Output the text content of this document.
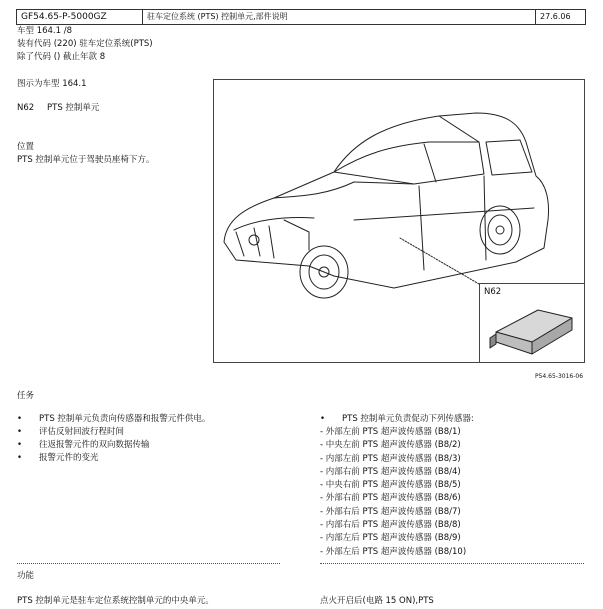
GF54.65-P-5000GZ	驻车定位系统 (PTS) 控制单元,部件说明	27.6.06
车型 164.1 /8
装有代码 (220) 驻车定位系统(PTS)
除了代码 () 截止年款 8
图示为车型 164.1
N62 PTS 控制单元
位置
PTS 控制单元位于驾驶员座椅下方。
N62
P54.65-3016-06
任务
• PTS 控制单元负责向传感器和报警元件供电。
• 评估反射回波行程时间
• 往返报警元件的双向数据传输
• 报警元件的变光
• PTS 控制单元负责促动下列传感器:
- 外部左前 PTS 超声波传感器 (B8/1)
- 中央左前 PTS 超声波传感器 (B8/2)
- 内部左前 PTS 超声波传感器 (B8/3)
- 内部右前 PTS 超声波传感器 (B8/4)
- 中央右前 PTS 超声波传感器 (B8/5)
- 外部右前 PTS 超声波传感器 (B8/6)
- 外部右后 PTS 超声波传感器 (B8/7)
- 内部右后 PTS 超声波传感器 (B8/8)
- 内部左后 PTS 超声波传感器 (B8/9)
- 外部左后 PTS 超声波传感器 (B8/10)
功能
PTS 控制单元是驻车定位系统控制单元的中央单元。	点火开启后(电路 15 ON),PTS
